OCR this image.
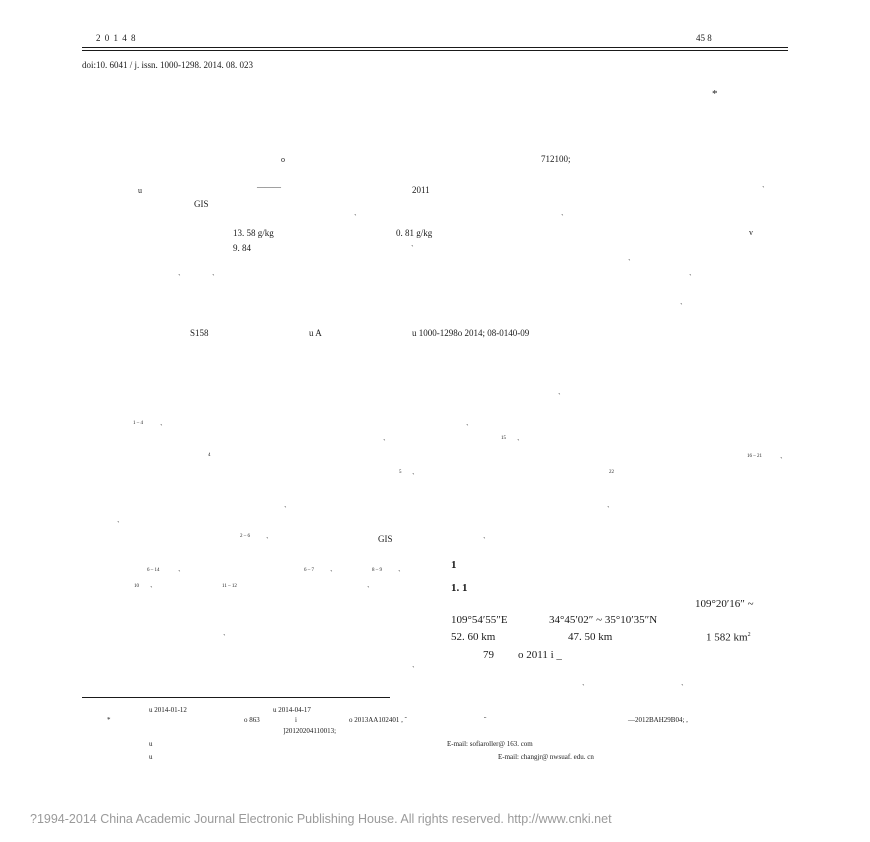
2 0 1 4 8	45 8
doi:10. 6041 / j. issn. 1000-1298. 2014. 08. 023
*
o	712100;
u	———	2011	`
GIS
`	`
13. 58 g/kg	0. 81 g/kg	v
9. 84	`
`
`	`	`
`
S158	u A	u 1000-1298o 2014; 08-0140-09
`
1 – 4 `	`
15 `
`
4	16 – 21 `
5 `	22
`	`
`
2 – 6 `	GIS	`
6 – 14 `	6 – 7 `	8 – 9 `
10 `	11 – 12	`
`
`
1
1. 1
109°20′16″ ~
109°54′55″E	34°45′02″ ~ 35°10′35″N
52. 60 km	47. 50 km	1 582 $km^2$
79 o 2011 i _
`	`
u 2014-01-12	u 2014-04-17
*	o 863	i	o 2013AA102401 , ˜	˝	—2012BAH29B04; ,
]20120204110013;
u	E-mail: sofiaroller@ 163. com
u	E-mail: changjr@ nwsuaf. edu. cn
?1994-2014 China Academic Journal Electronic Publishing House. All rights reserved. http://www.cnki.net
